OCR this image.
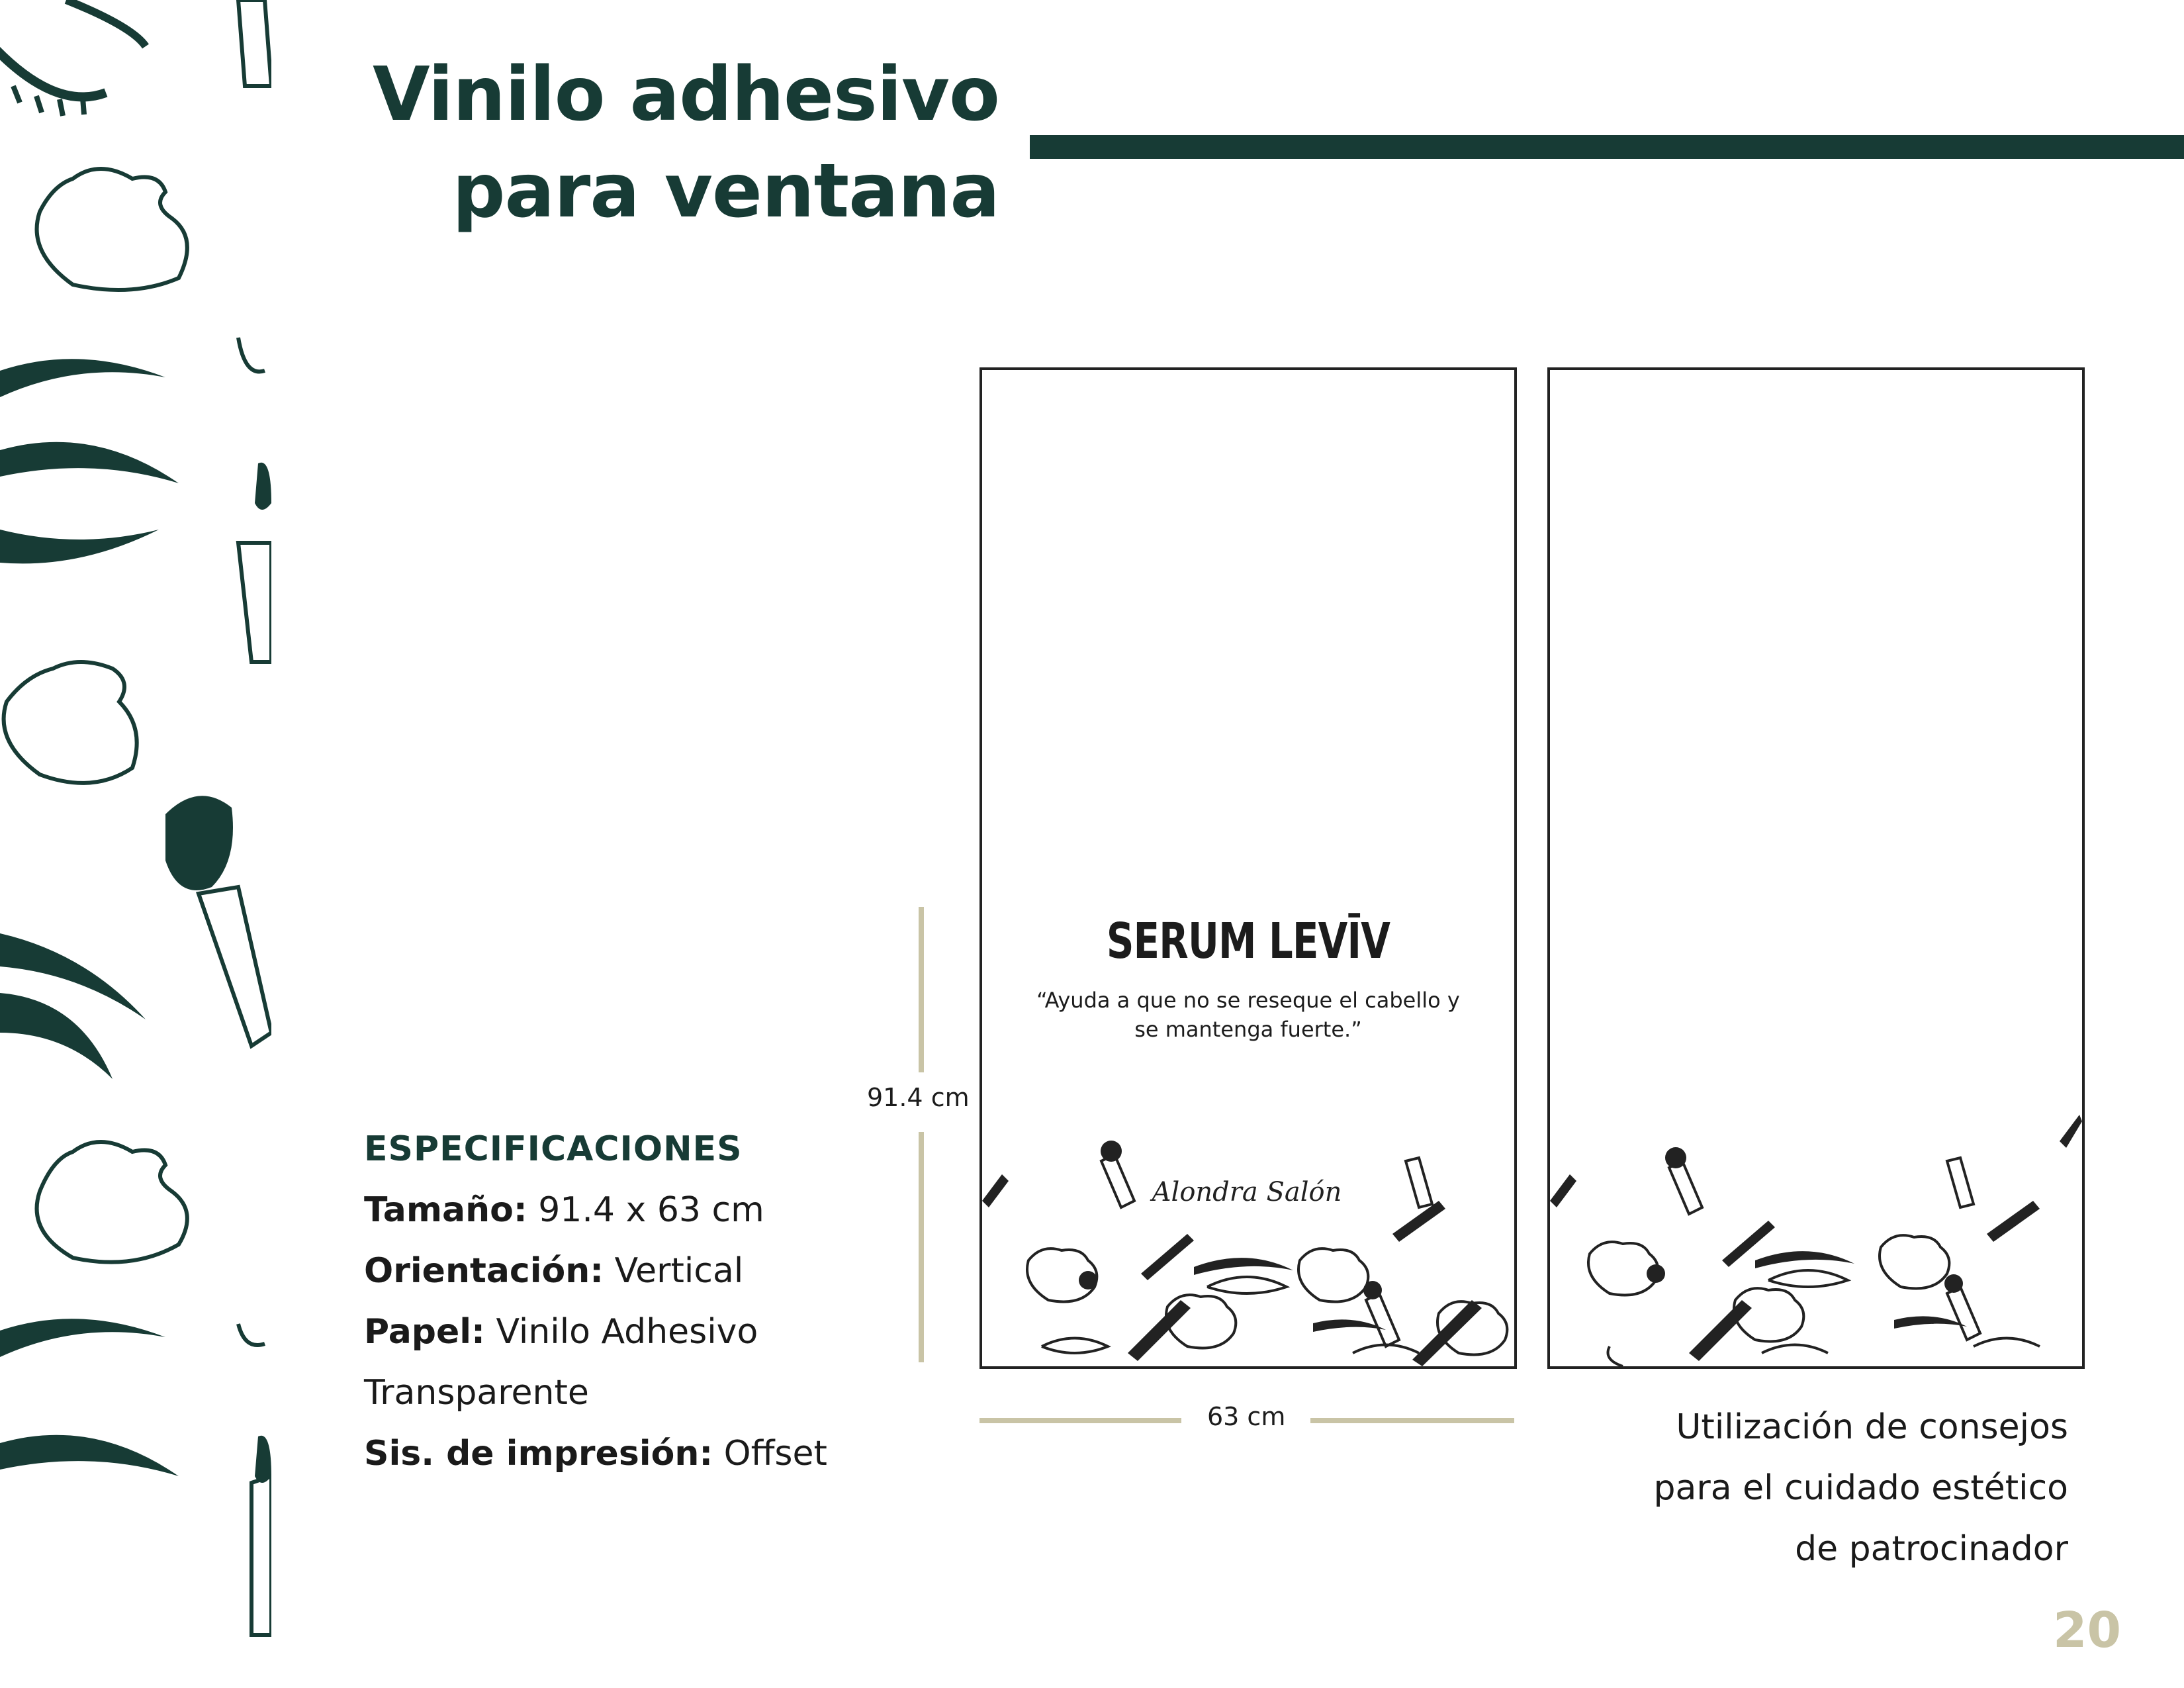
Vinilo adhesivo
para ventana
SERUM LEVĪV
“Ayuda a que no se reseque el cabello y se mantenga fuerte.”
Alondra Salón
91.4 cm
63 cm
ESPECIFICACIONES
Tamaño: 91.4 x 63 cm
Orientación: Vertical
Papel: Vinilo Adhesivo
Transparente
Sis. de impresión: Offset
Utilización de consejos
para el cuidado estético
de patrocinador
20
